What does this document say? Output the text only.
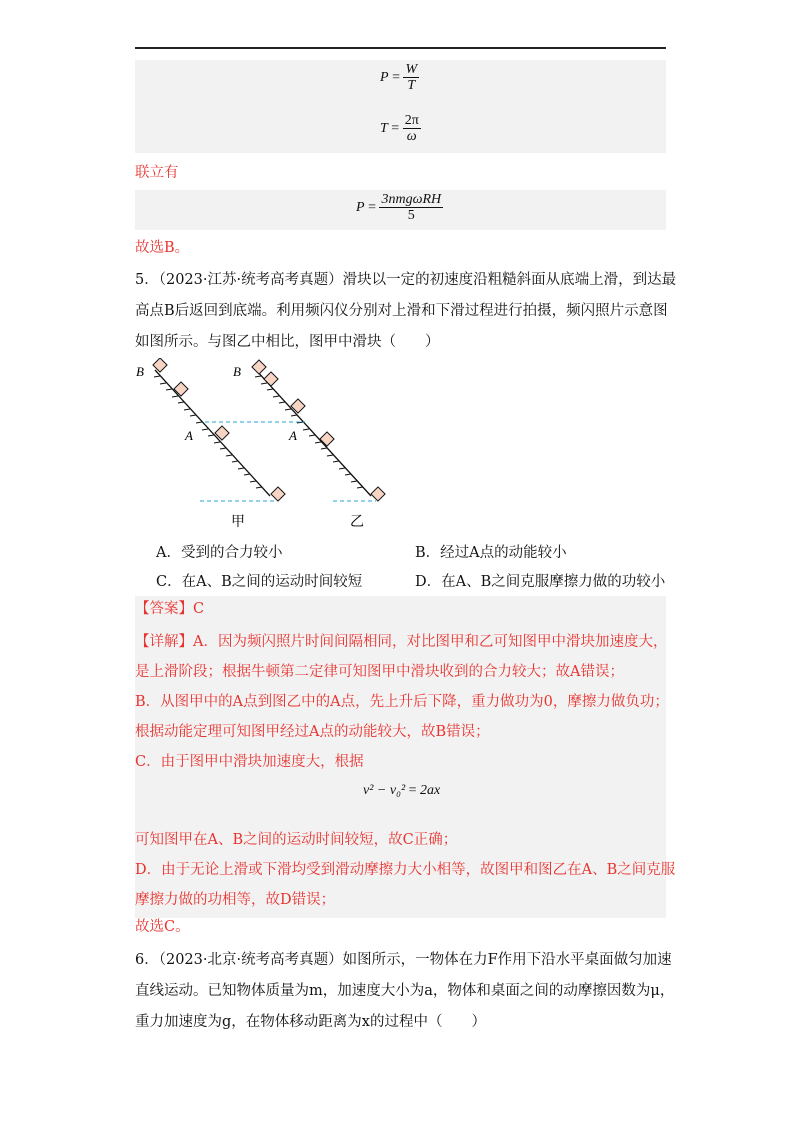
$P = \frac{W}{T}$
$T = \frac{2\pi}{\omega}$
联立有
$P = \frac{\text{3nmgωRH}}{5}$
故选B。
5．（2023·江苏·统考高考真题）滑块以一定的初速度沿粗糙斜面从底端上滑，到达最
高点B后返回到底端。利用频闪仪分别对上滑和下滑过程进行拍摄，频闪照片示意图
如图所示。与图乙中相比，图甲中滑块（　　）
B
A
B
A
甲	乙
A．受到的合力较小	B．经过A点的动能较小
C．在A、B之间的运动时间较短	D．在A、B之间克服摩擦力做的功较小
【答案】C
【详解】A．因为频闪照片时间间隔相同，对比图甲和乙可知图甲中滑块加速度大，
是上滑阶段；根据牛顿第二定律可知图甲中滑块收到的合力较大；故A错误；
B．从图甲中的A点到图乙中的A点，先上升后下降，重力做功为0，摩擦力做负功；
根据动能定理可知图甲经过A点的动能较大，故B错误；
C．由于图甲中滑块加速度大，根据
v² − v₀² = 2ax
可知图甲在A、B之间的运动时间较短，故C正确；
D．由于无论上滑或下滑均受到滑动摩擦力大小相等，故图甲和图乙在A、B之间克服
摩擦力做的功相等，故D错误；
故选C。
6．（2023·北京·统考高考真题）如图所示，一物体在力F作用下沿水平桌面做匀加速
直线运动。已知物体质量为m，加速度大小为a，物体和桌面之间的动摩擦因数为μ，
重力加速度为g，在物体移动距离为x的过程中（　　）
